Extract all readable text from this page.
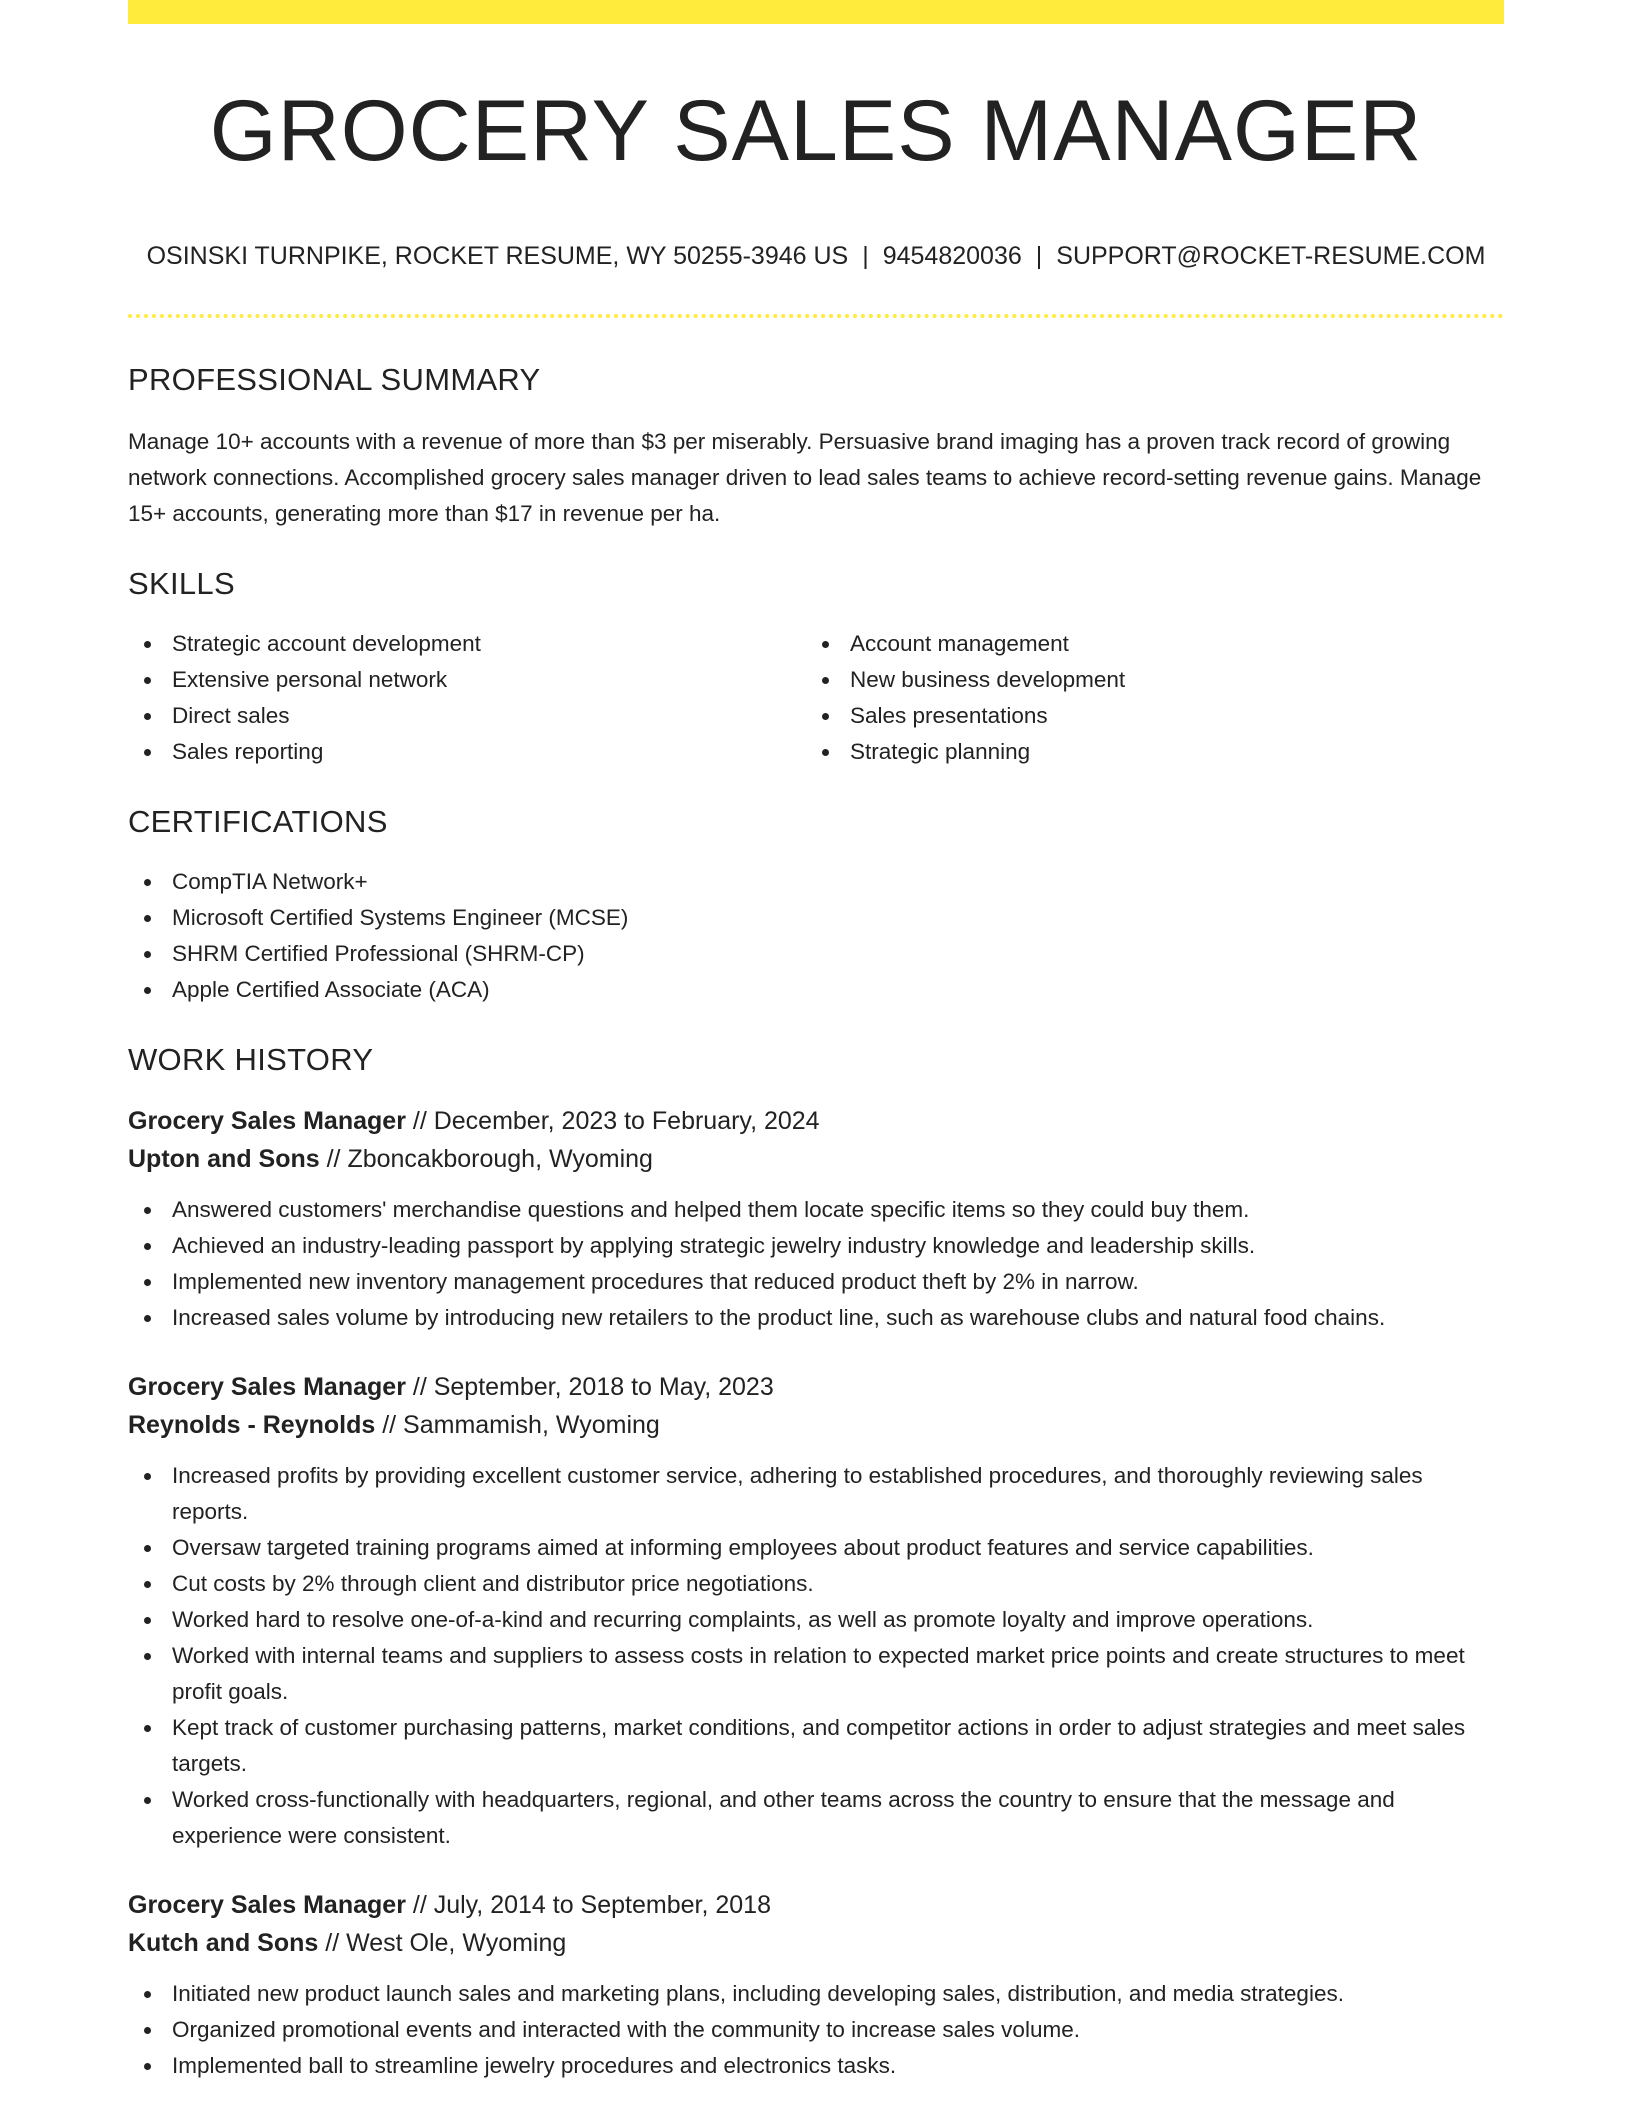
GROCERY SALES MANAGER
OSINSKI TURNPIKE, ROCKET RESUME, WY 50255-3946 US | 9454820036 | SUPPORT@ROCKET-RESUME.COM
PROFESSIONAL SUMMARY

Manage 10+ accounts with a revenue of more than $3 per miserably. Persuasive brand imaging has a proven track record of growing network connections. Accomplished grocery sales manager driven to lead sales teams to achieve record-setting revenue gains. Manage 15+ accounts, generating more than $17 in revenue per ha.

SKILLS
Strategic account development
Extensive personal network
Direct sales
Sales reporting
Account management
New business development
Sales presentations
Strategic planning
CERTIFICATIONS
CompTIA Network+
Microsoft Certified Systems Engineer (MCSE)
SHRM Certified Professional (SHRM-CP)
Apple Certified Associate (ACA)
WORK HISTORY
Grocery Sales Manager // December, 2023 to February, 2024
Upton and Sons // Zboncakborough, Wyoming
Answered customers' merchandise questions and helped them locate specific items so they could buy them.
Achieved an industry-leading passport by applying strategic jewelry industry knowledge and leadership skills.
Implemented new inventory management procedures that reduced product theft by 2% in narrow.
Increased sales volume by introducing new retailers to the product line, such as warehouse clubs and natural food chains.
Grocery Sales Manager // September, 2018 to May, 2023
Reynolds - Reynolds // Sammamish, Wyoming
Increased profits by providing excellent customer service, adhering to established procedures, and thoroughly reviewing sales reports.
Oversaw targeted training programs aimed at informing employees about product features and service capabilities.
Cut costs by 2% through client and distributor price negotiations.
Worked hard to resolve one-of-a-kind and recurring complaints, as well as promote loyalty and improve operations.
Worked with internal teams and suppliers to assess costs in relation to expected market price points and create structures to meet profit goals.
Kept track of customer purchasing patterns, market conditions, and competitor actions in order to adjust strategies and meet sales targets.
Worked cross-functionally with headquarters, regional, and other teams across the country to ensure that the message and experience were consistent.
Grocery Sales Manager // July, 2014 to September, 2018
Kutch and Sons // West Ole, Wyoming
Initiated new product launch sales and marketing plans, including developing sales, distribution, and media strategies.
Organized promotional events and interacted with the community to increase sales volume.
Implemented ball to streamline jewelry procedures and electronics tasks.
